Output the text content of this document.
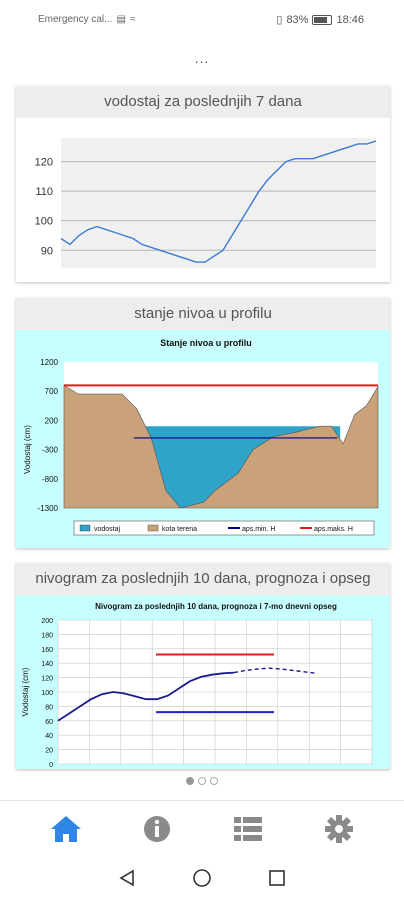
Emergency cal... ▤ ≈	▯ 83%	18:46
...
vodostaj za poslednjih 7 dana
120
110
100
90
stanje nivoa u profilu
Stanje nivoa u profilu
1200
700
200
-300
-800
-1300
Vodostaj (cm)
vodostaj	kota terena	aps.min. H	aps.maks. H
nivogram za poslednjih 10 dana, prognoza i opseg
Nivogram za poslednjih 10 dana, prognoza i 7-mo dnevni opseg
200
180
160
140
120
100
80
60
40
20
0
Vodostaj (cm)
